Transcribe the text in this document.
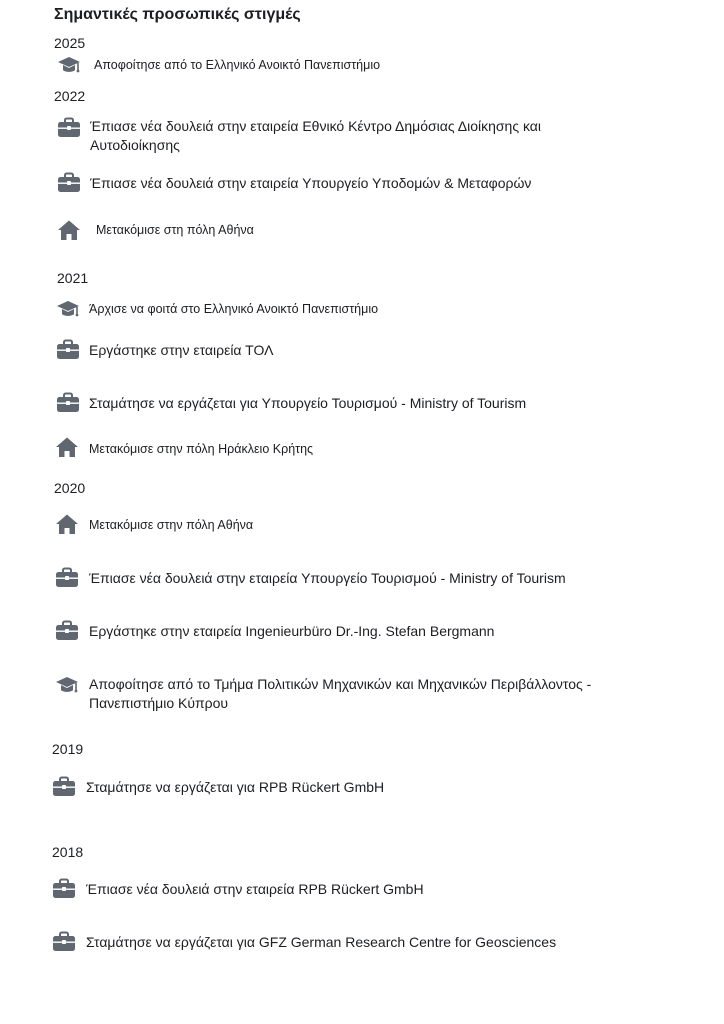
Σημαντικές προσωπικές στιγμές
2025
2022
2021
2020
2019
2018
Αποφοίτησε από το Ελληνικό Ανοικτό Πανεπιστήμιο
Έπιασε νέα δουλειά στην εταιρεία Εθνικό Κέντρο Δημόσιας Διοίκησης και Αυτοδιοίκησης
Έπιασε νέα δουλειά στην εταιρεία Υπουργείο Υποδομών & Μεταφορών
Μετακόμισε στη πόλη Αθήνα
Άρχισε να φοιτά στο Ελληνικό Ανοικτό Πανεπιστήμιο
Εργάστηκε στην εταιρεία ΤΟΛ
Σταμάτησε να εργάζεται για Υπουργείο Τουρισμού - Ministry of Tourism
Μετακόμισε στην πόλη Ηράκλειο Κρήτης
Μετακόμισε στην πόλη Αθήνα
Έπιασε νέα δουλειά στην εταιρεία Υπουργείο Τουρισμού - Ministry of Tourism
Εργάστηκε στην εταιρεία Ingenieurbüro Dr.-Ing. Stefan Bergmann
Αποφοίτησε από το Τμήμα Πολιτικών Μηχανικών και Μηχανικών Περιβάλλοντος - Πανεπιστήμιο Κύπρου
Σταμάτησε να εργάζεται για RPB Rückert GmbH
Έπιασε νέα δουλειά στην εταιρεία RPB Rückert GmbH
Σταμάτησε να εργάζεται για GFZ German Research Centre for Geosciences
